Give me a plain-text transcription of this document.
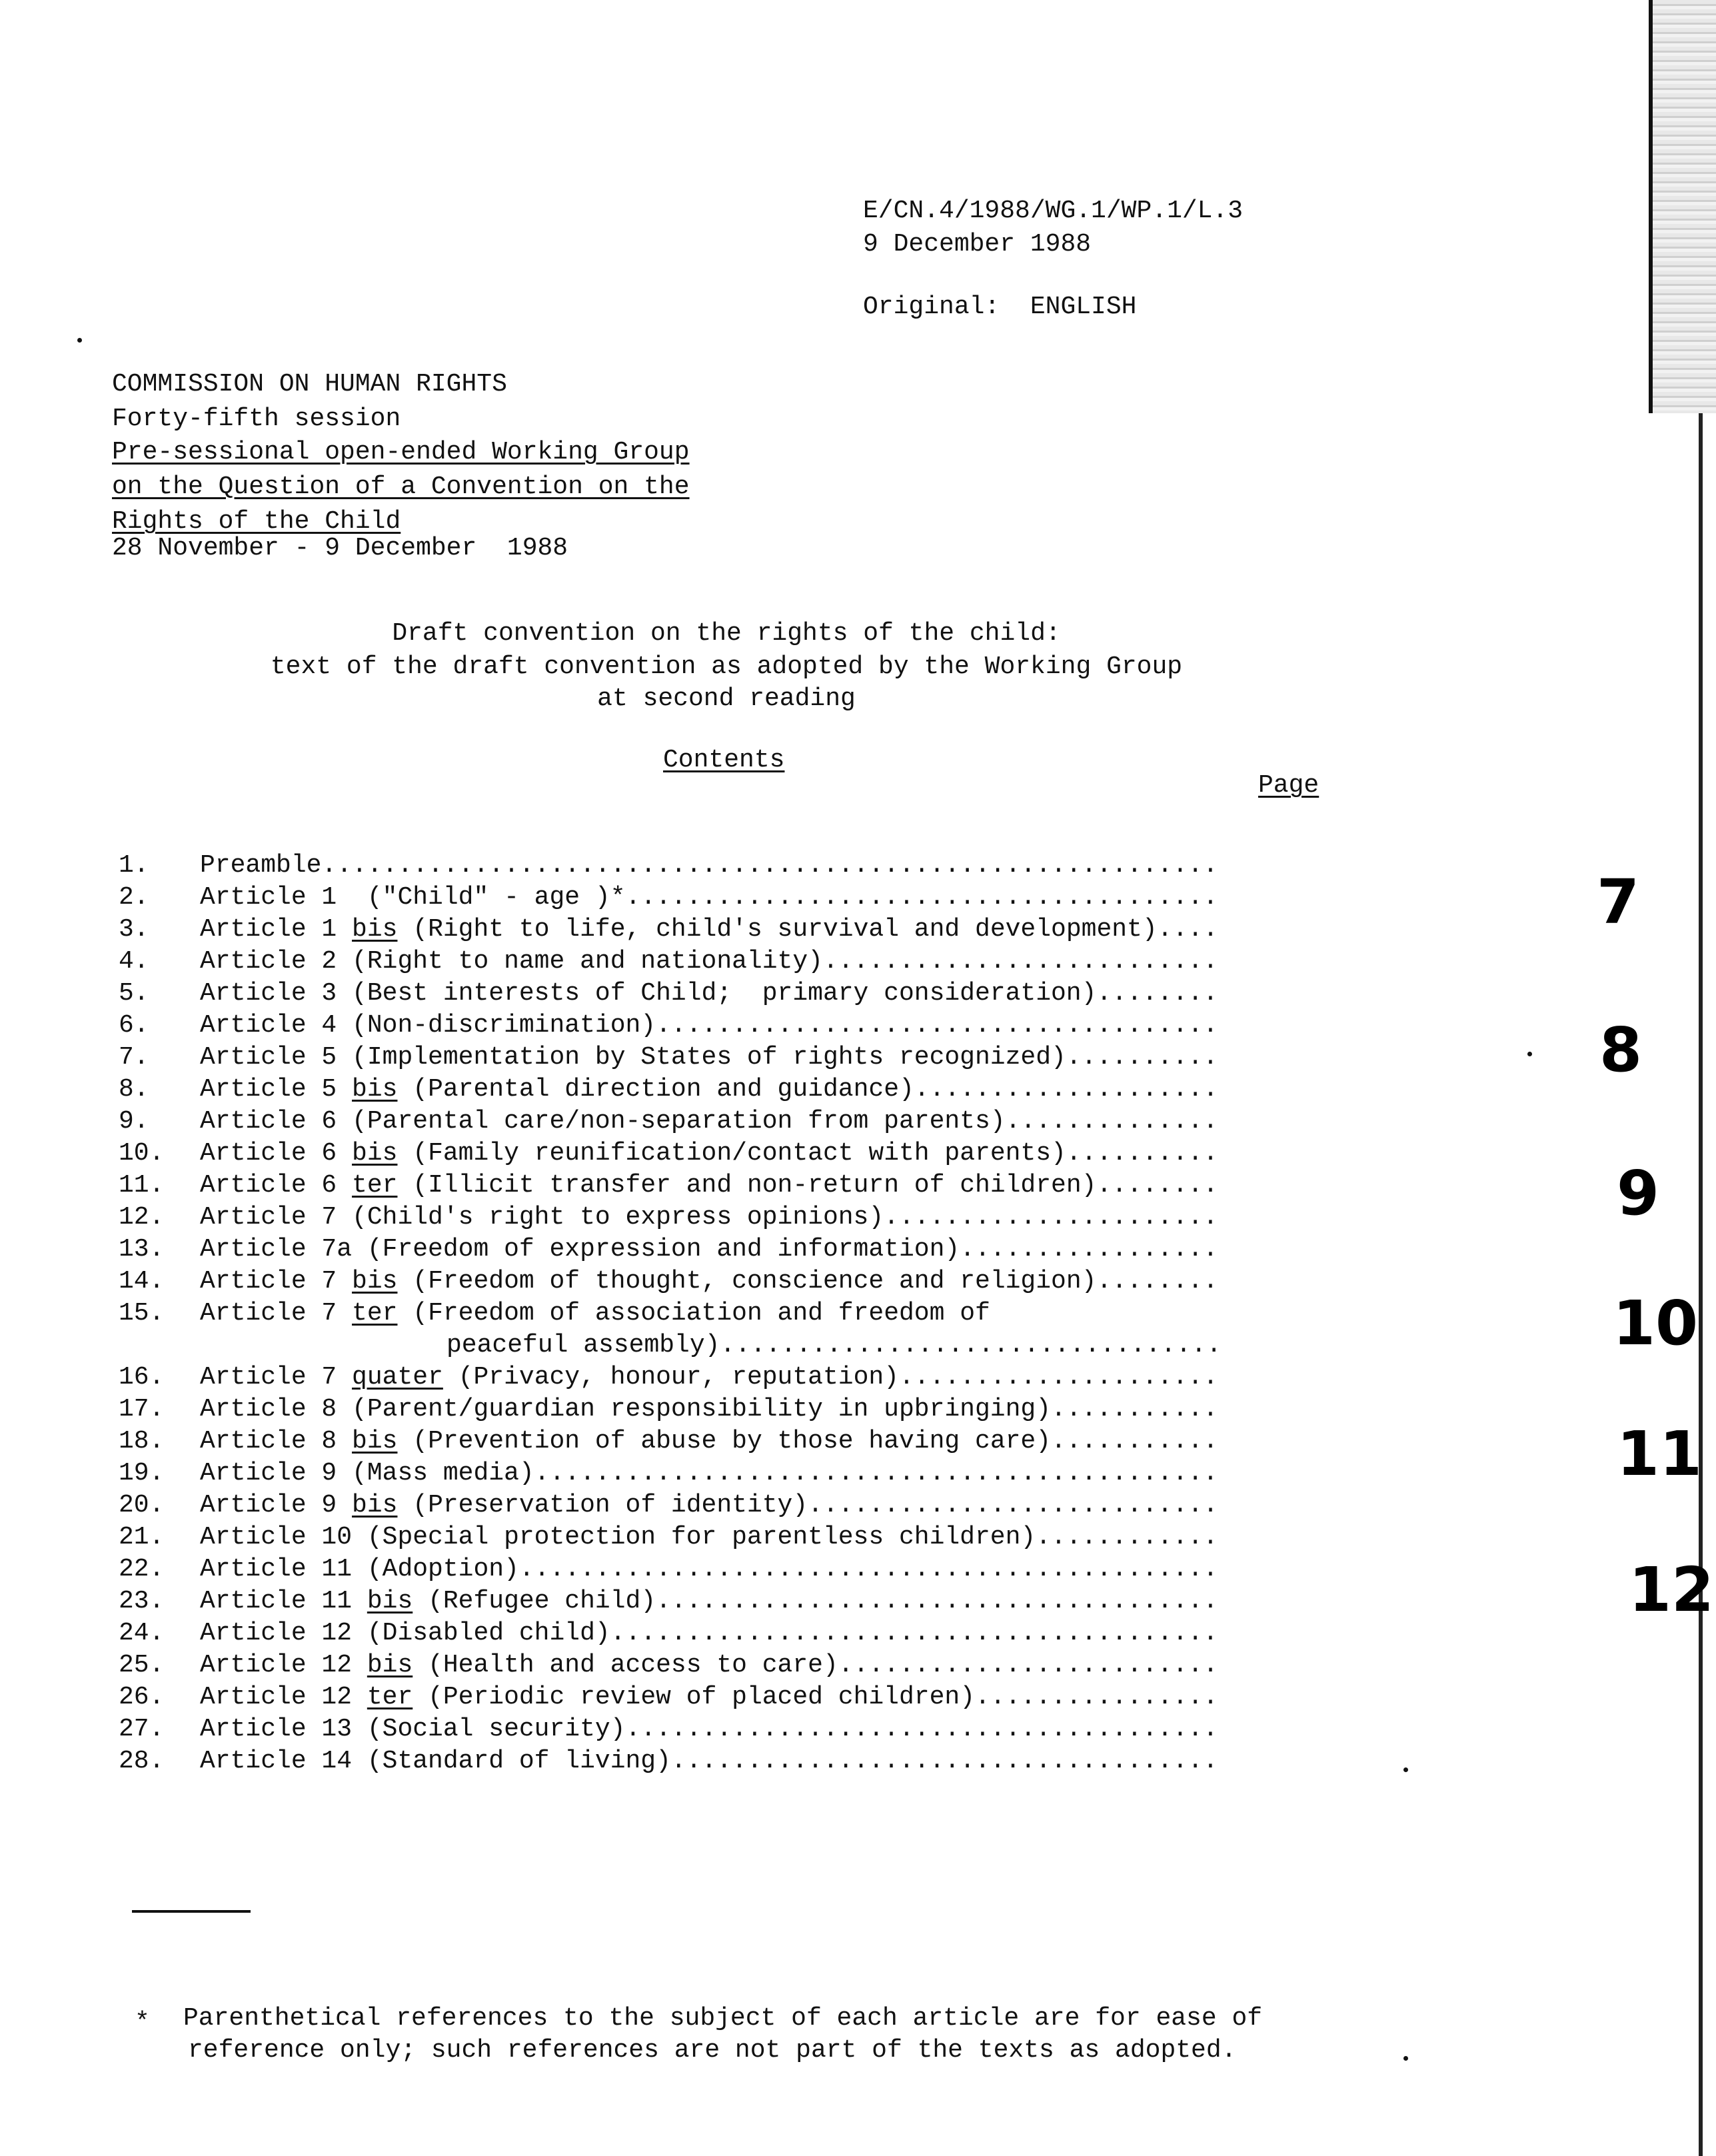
E/CN.4/1988/WG.1/WP.1/L.3
9 December 1988
Original:  ENGLISH
COMMISSION ON HUMAN RIGHTS
Forty-fifth session
Pre-sessional open-ended Working Group
on the Question of a Convention on the
Rights of the Child
28 November - 9 December  1988
Draft convention on the rights of the child:
text of the draft convention as adopted by the Working Group
at second reading
Contents
Page
1. Preamble...........................................................
2. Article 1  ("Child" - age )*.......................................
3. Article 1 bis (Right to life, child's survival and development)....
4. Article 2 (Right to name and nationality)..........................
5. Article 3 (Best interests of Child;  primary consideration)........
6. Article 4 (Non-discrimination).....................................
7. Article 5 (Implementation by States of rights recognized)..........
8. Article 5 bis (Parental direction and guidance)....................
9. Article 6 (Parental care/non-separation from parents)..............
10. Article 6 bis (Family reunification/contact with parents)..........
11. Article 6 ter (Illicit transfer and non-return of children)........
12. Article 7 (Child's right to express opinions)......................
13. Article 7a (Freedom of expression and information).................
14. Article 7 bis (Freedom of thought, conscience and religion)........
15. Article 7 ter (Freedom of association and freedom of
peaceful assembly).................................
16. Article 7 quater (Privacy, honour, reputation).....................
17. Article 8 (Parent/guardian responsibility in upbringing)...........
18. Article 8 bis (Prevention of abuse by those having care)...........
19. Article 9 (Mass media).............................................
20. Article 9 bis (Preservation of identity)...........................
21. Article 10 (Special protection for parentless children)............
22. Article 11 (Adoption)..............................................
23. Article 11 bis (Refugee child).....................................
24. Article 12 (Disabled child)........................................
25. Article 12 bis (Health and access to care).........................
26. Article 12 ter (Periodic review of placed children)................
27. Article 13 (Social security).......................................
28. Article 14 (Standard of living)....................................
7
8
9
10
11
12
* Parenthetical references to the subject of each article are for ease of
reference only; such references are not part of the texts as adopted.
